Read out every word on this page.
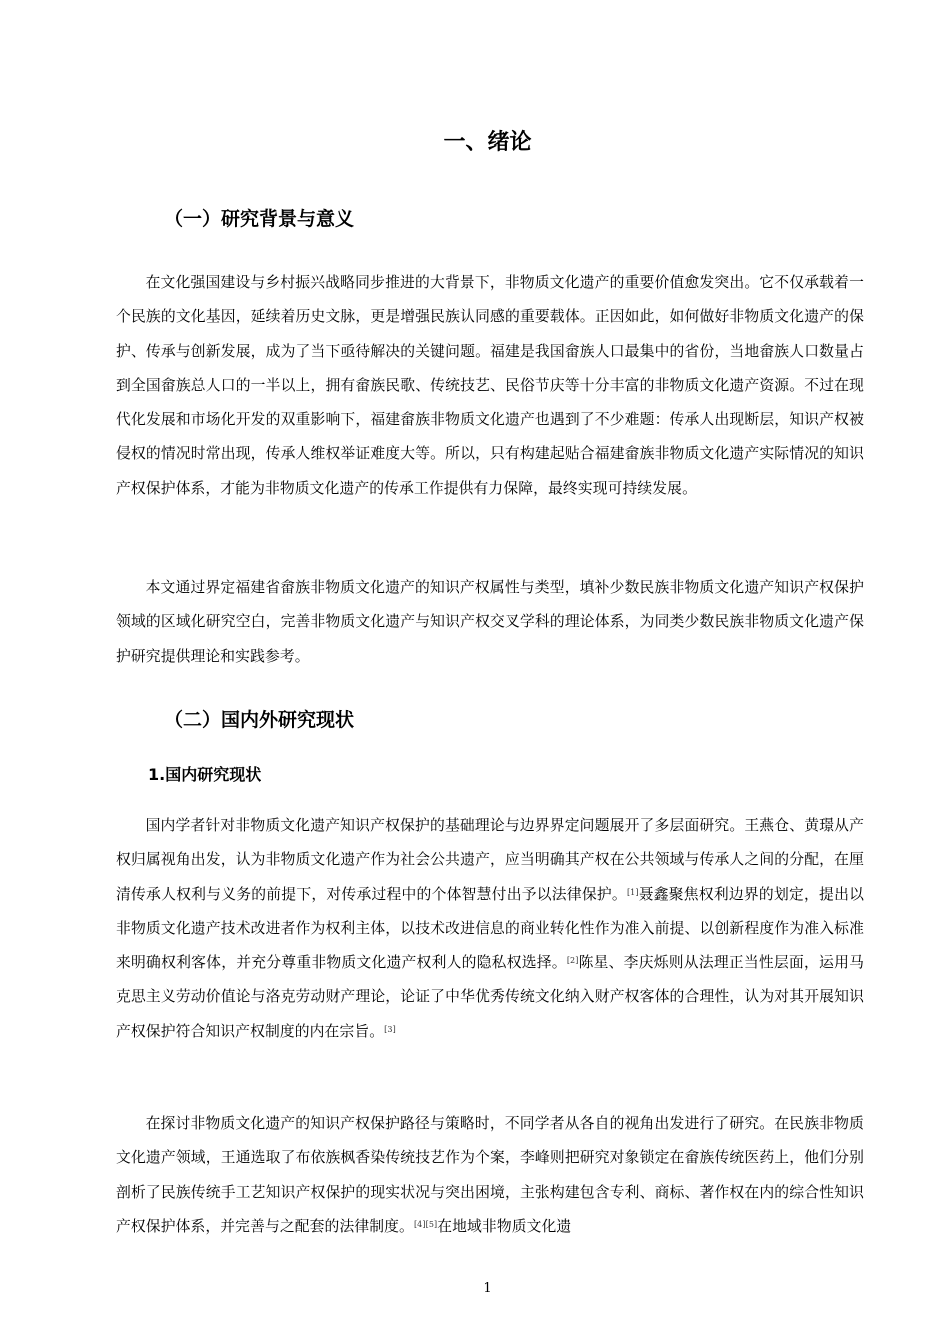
一、绪论
（一）研究背景与意义

在文化强国建设与乡村振兴战略同步推进的大背景下，非物质文化遗产的重要价值愈发突出。它不仅承载着一个民族的文化基因，延续着历史文脉，更是增强民族认同感的重要载体。正因如此，如何做好非物质文化遗产的保护、传承与创新发展，成为了当下亟待解决的关键问题。福建是我国畲族人口最集中的省份，当地畲族人口数量占到全国畲族总人口的一半以上，拥有畲族民歌、传统技艺、民俗节庆等十分丰富的非物质文化遗产资源。不过在现代化发展和市场化开发的双重影响下，福建畲族非物质文化遗产也遇到了不少难题：传承人出现断层，知识产权被侵权的情况时常出现，传承人维权举证难度大等。所以，只有构建起贴合福建畲族非物质文化遗产实际情况的知识产权保护体系，才能为非物质文化遗产的传承工作提供有力保障，最终实现可持续发展。

本文通过界定福建省畲族非物质文化遗产的知识产权属性与类型，填补少数民族非物质文化遗产知识产权保护领域的区域化研究空白，完善非物质文化遗产与知识产权交叉学科的理论体系，为同类少数民族非物质文化遗产保护研究提供理论和实践参考。

（二）国内外研究现状
1.国内研究现状

国内学者针对非物质文化遗产知识产权保护的基础理论与边界界定问题展开了多层面研究。王燕仓、黄璟从产权归属视角出发，认为非物质文化遗产作为社会公共遗产，应当明确其产权在公共领域与传承人之间的分配，在厘清传承人权利与义务的前提下，对传承过程中的个体智慧付出予以法律保护。[1]聂鑫聚焦权利边界的划定，提出以非物质文化遗产技术改进者作为权利主体，以技术改进信息的商业转化性作为准入前提、以创新程度作为准入标准来明确权利客体，并充分尊重非物质文化遗产权利人的隐私权选择。[2]陈星、李庆烁则从法理正当性层面，运用马克思主义劳动价值论与洛克劳动财产理论，论证了中华优秀传统文化纳入财产权客体的合理性，认为对其开展知识产权保护符合知识产权制度的内在宗旨。[3]

在探讨非物质文化遗产的知识产权保护路径与策略时，不同学者从各自的视角出发进行了研究。在民族非物质文化遗产领域，王通选取了布依族枫香染传统技艺作为个案，李峰则把研究对象锁定在畲族传统医药上，他们分别剖析了民族传统手工艺知识产权保护的现实状况与突出困境，主张构建包含专利、商标、著作权在内的综合性知识产权保护体系，并完善与之配套的法律制度。[4][5]在地域非物质文化遗

1
